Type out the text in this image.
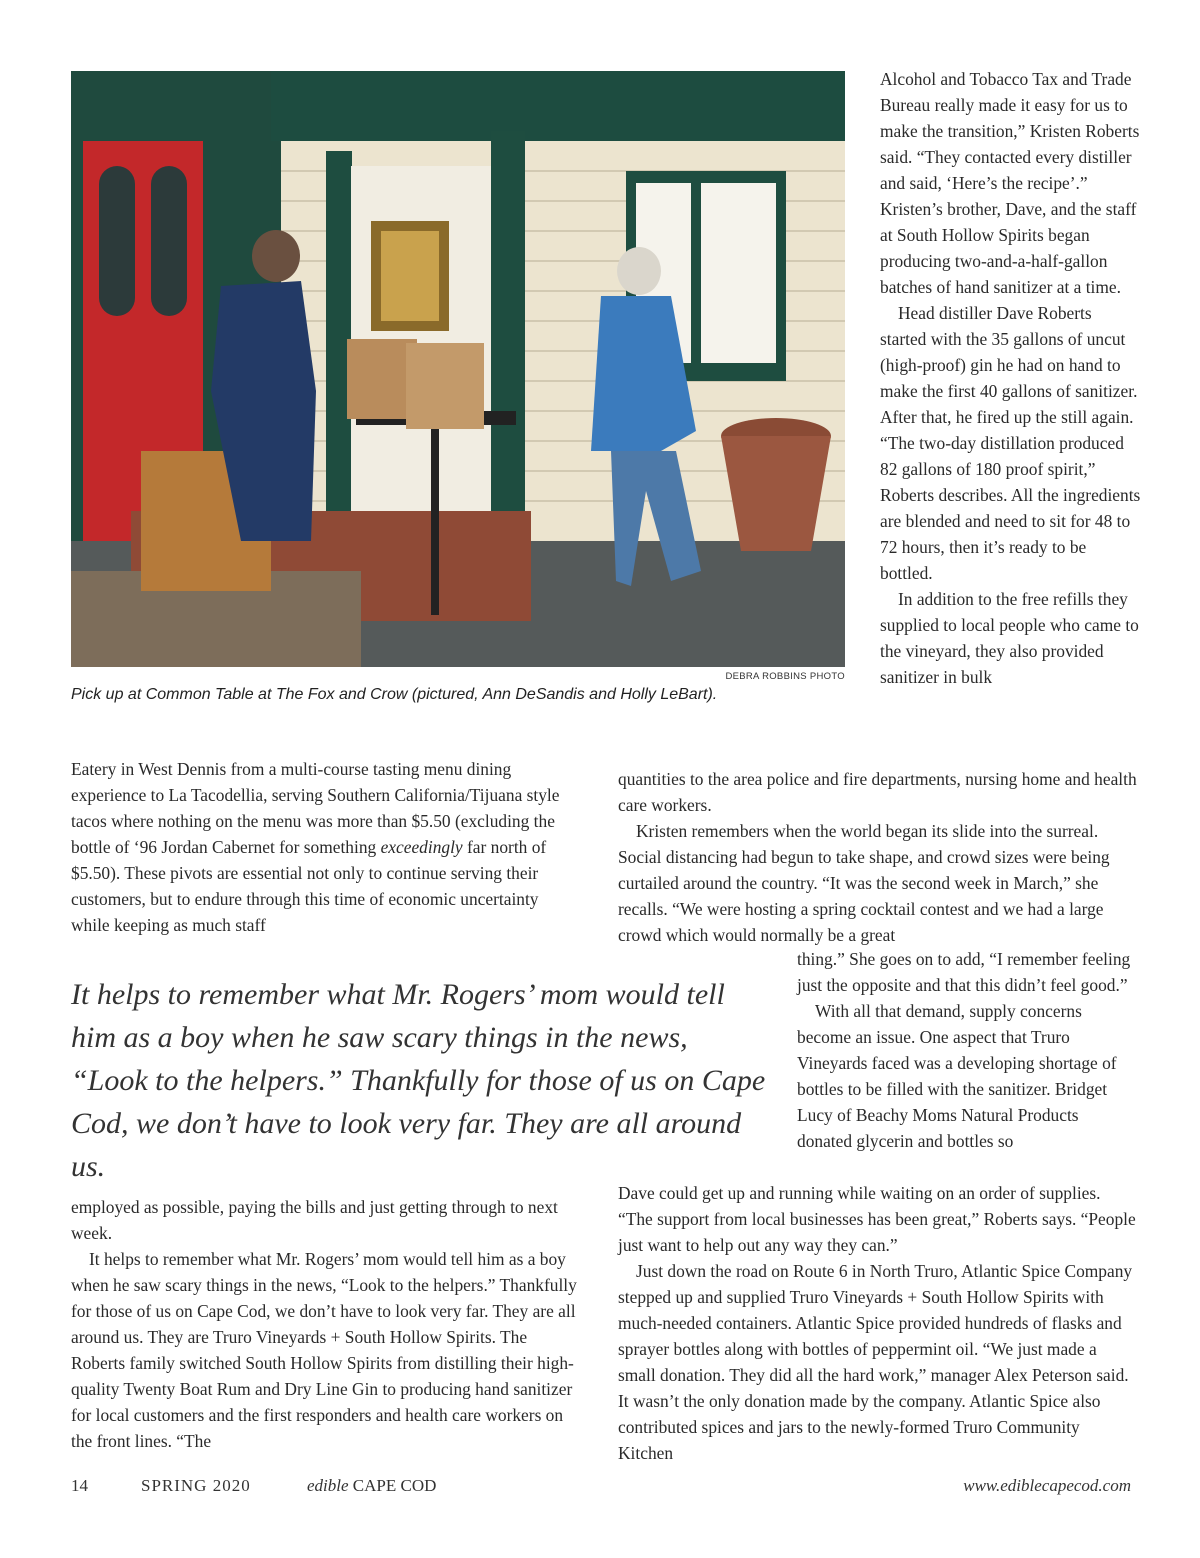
DEBRA ROBBINS PHOTO
Pick up at Common Table at The Fox and Crow (pictured, Ann DeSandis and Holly LeBart).

Alcohol and Tobacco Tax and Trade Bureau really made it easy for us to make the transition,” Kristen Roberts said. “They contacted every distiller and said, ‘Here’s the recipe’.” Kristen’s brother, Dave, and the staff at South Hollow Spirits began producing two-and-a-half-gallon batches of hand sanitizer at a time.

Head distiller Dave Roberts started with the 35 gallons of uncut (high-proof) gin he had on hand to make the first 40 gallons of sanitizer. After that, he fired up the still again. “The two-day distillation produced 82 gallons of 180 proof spirit,” Roberts describes. All the ingredients are blended and need to sit for 48 to 72 hours, then it’s ready to be bottled.

In addition to the free refills they supplied to local people who came to the vineyard, they also provided sanitizer in bulk

quantities to the area police and fire departments, nursing home and health care workers.

Kristen remembers when the world began its slide into the surreal. Social distancing had begun to take shape, and crowd sizes were being curtailed around the country. “It was the second week in March,” she recalls. “We were hosting a spring cocktail contest and we had a large crowd which would normally be a great

thing.” She goes on to add, “I remember feeling just the opposite and that this didn’t feel good.”

With all that demand, supply concerns become an issue. One aspect that Truro Vineyards faced was a developing shortage of bottles to be filled with the sanitizer. Bridget Lucy of Beachy Moms Natural Products donated glycerin and bottles so

Dave could get up and running while waiting on an order of supplies. “The support from local businesses has been great,” Roberts says. “People just want to help out any way they can.”

Just down the road on Route 6 in North Truro, Atlantic Spice Company stepped up and supplied Truro Vineyards + South Hollow Spirits with much-needed containers. Atlantic Spice provided hundreds of flasks and sprayer bottles along with bottles of peppermint oil. “We just made a small donation. They did all the hard work,” manager Alex Peterson said. It wasn’t the only donation made by the company. Atlantic Spice also contributed spices and jars to the newly-formed Truro Community Kitchen

Eatery in West Dennis from a multi-course tasting menu dining experience to La Tacodellia, serving Southern California/Tijuana style tacos where nothing on the menu was more than $5.50 (excluding the bottle of ‘96 Jordan Cabernet for something exceedingly far north of $5.50). These pivots are essential not only to continue serving their customers, but to endure through this time of economic uncertainty while keeping as much staff

It helps to remember what Mr. Rogers’ mom would tell him as a boy when he saw scary things in the news, “Look to the helpers.” Thankfully for those of us on Cape Cod, we don’t have to look very far. They are all around us.

employed as possible, paying the bills and just getting through to next week.

It helps to remember what Mr. Rogers’ mom would tell him as a boy when he saw scary things in the news, “Look to the helpers.” Thankfully for those of us on Cape Cod, we don’t have to look very far. They are all around us. They are Truro Vineyards + South Hollow Spirits. The Roberts family switched South Hollow Spirits from distilling their high-quality Twenty Boat Rum and Dry Line Gin to producing hand sanitizer for local customers and the first responders and health care workers on the front lines. “The

14	SPRING 2020	edible CAPE COD	www.ediblecapecod.com
